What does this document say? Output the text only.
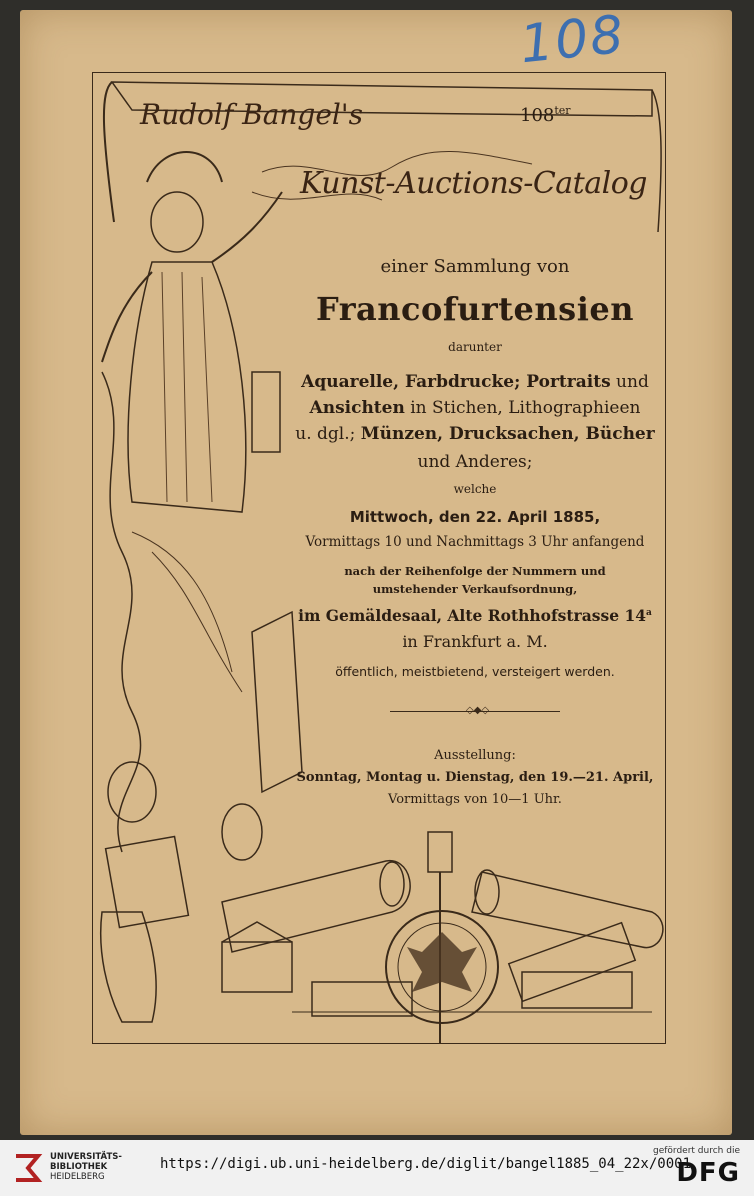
108
Rudolf Bangel's	$108^{ter}$
Kunst-Auctions-Catalog
einer Sammlung von
Francofurtensien
darunter
Aquarelle, Farbdrucke; Portraits und
Ansichten in Stichen, Lithographieen
u. dgl.; Münzen, Drucksachen, Bücher
und Anderes;
welche
Mittwoch, den 22. April 1885,
Vormittags 10 und Nachmittags 3 Uhr anfangend
nach der Reihenfolge der Nummern und
umstehender Verkaufsordnung,
im Gemäldesaal, Alte Rothhofstrasse 14$^a$
in Frankfurt a. M.
öffentlich, meistbietend, versteigert werden.
◇◆◇
Ausstellung:
Sonntag, Montag u. Dienstag, den 19.—21. April,
Vormittags von 10—1 Uhr.
UNIVERSITÄTS-
BIBLIOTHEK
HEIDELBERG
https://digi.ub.uni-heidelberg.de/diglit/bangel1885_04_22x/0001
gefördert durch die
DFG
